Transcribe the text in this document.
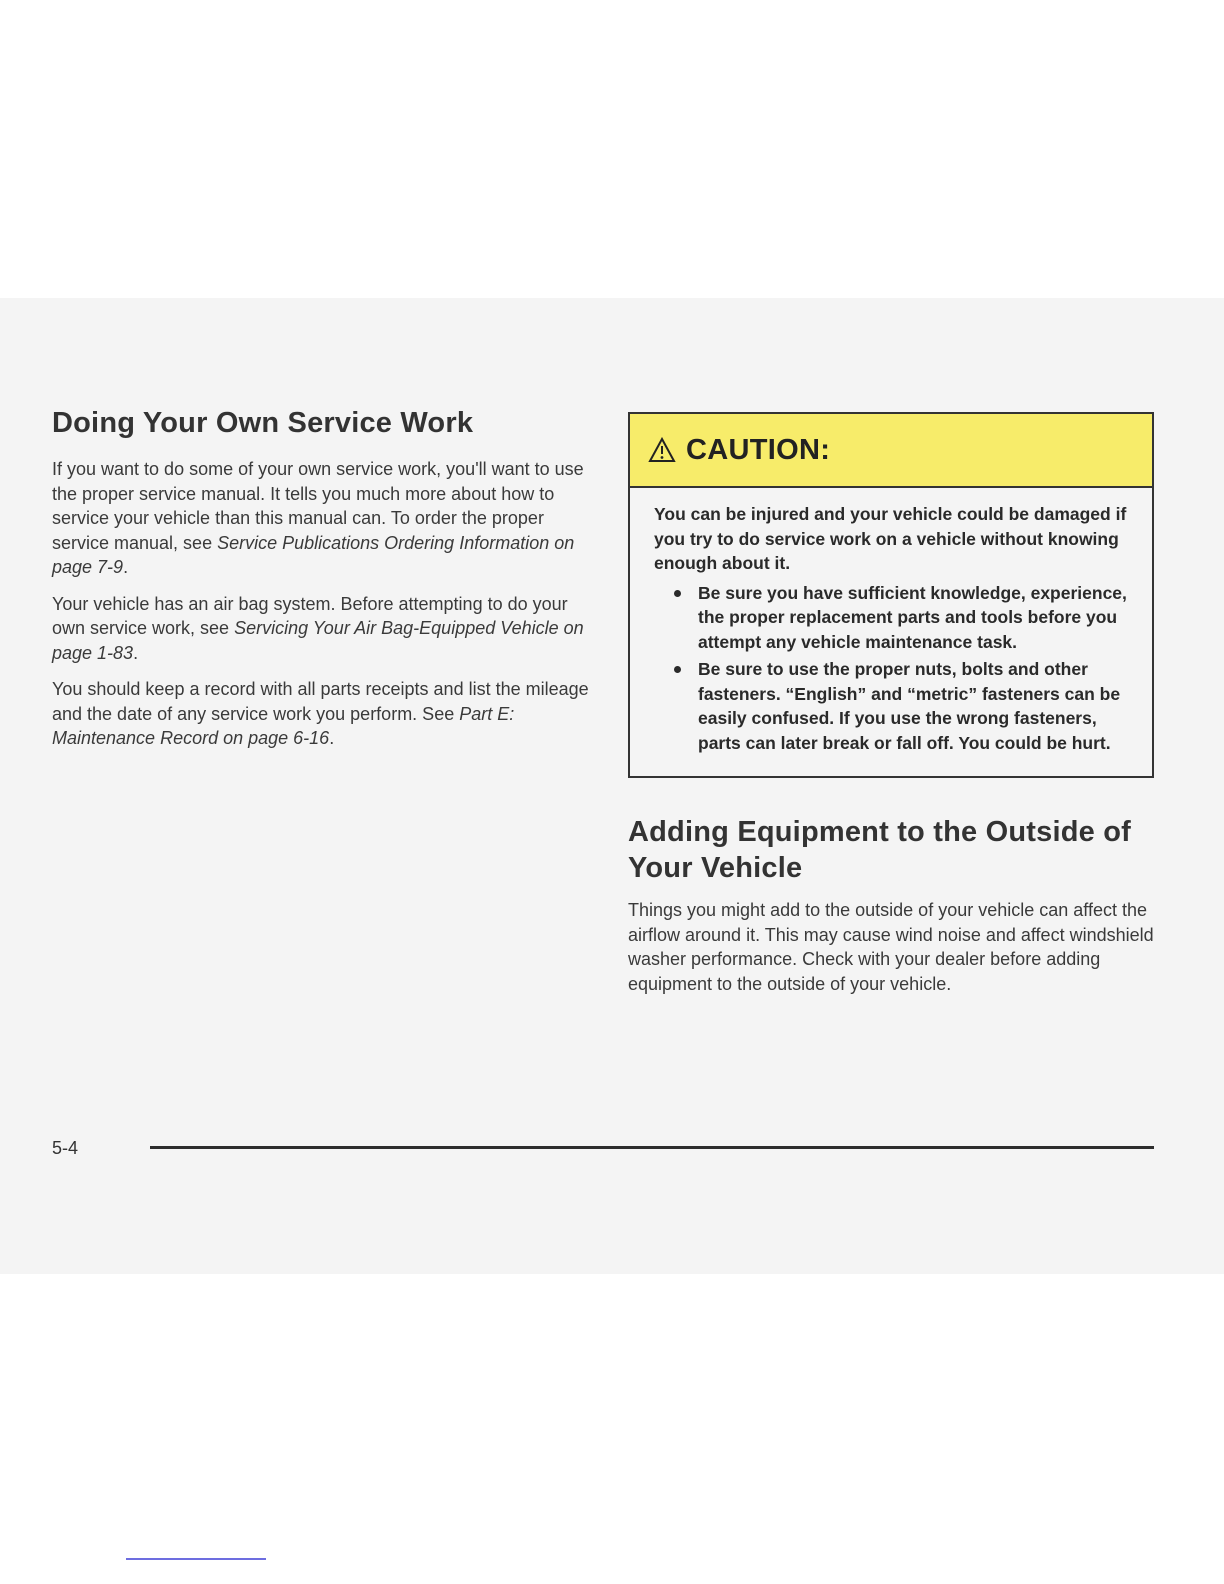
Doing Your Own Service Work

If you want to do some of your own service work, you'll want to use the proper service manual. It tells you much more about how to service your vehicle than this manual can. To order the proper service manual, see Service Publications Ordering Information on page 7-9.

Your vehicle has an air bag system. Before attempting to do your own service work, see Servicing Your Air Bag-Equipped Vehicle on page 1-83.

You should keep a record with all parts receipts and list the mileage and the date of any service work you perform. See Part E: Maintenance Record on page 6-16.

CAUTION:

You can be injured and your vehicle could be damaged if you try to do service work on a vehicle without knowing enough about it.

Be sure you have sufficient knowledge, experience, the proper replacement parts and tools before you attempt any vehicle maintenance task.
Be sure to use the proper nuts, bolts and other fasteners. “English” and “metric” fasteners can be easily confused. If you use the wrong fasteners, parts can later break or fall off. You could be hurt.
Adding Equipment to the Outside of Your Vehicle

Things you might add to the outside of your vehicle can affect the airflow around it. This may cause wind noise and affect windshield washer performance. Check with your dealer before adding equipment to the outside of your vehicle.

5-4
